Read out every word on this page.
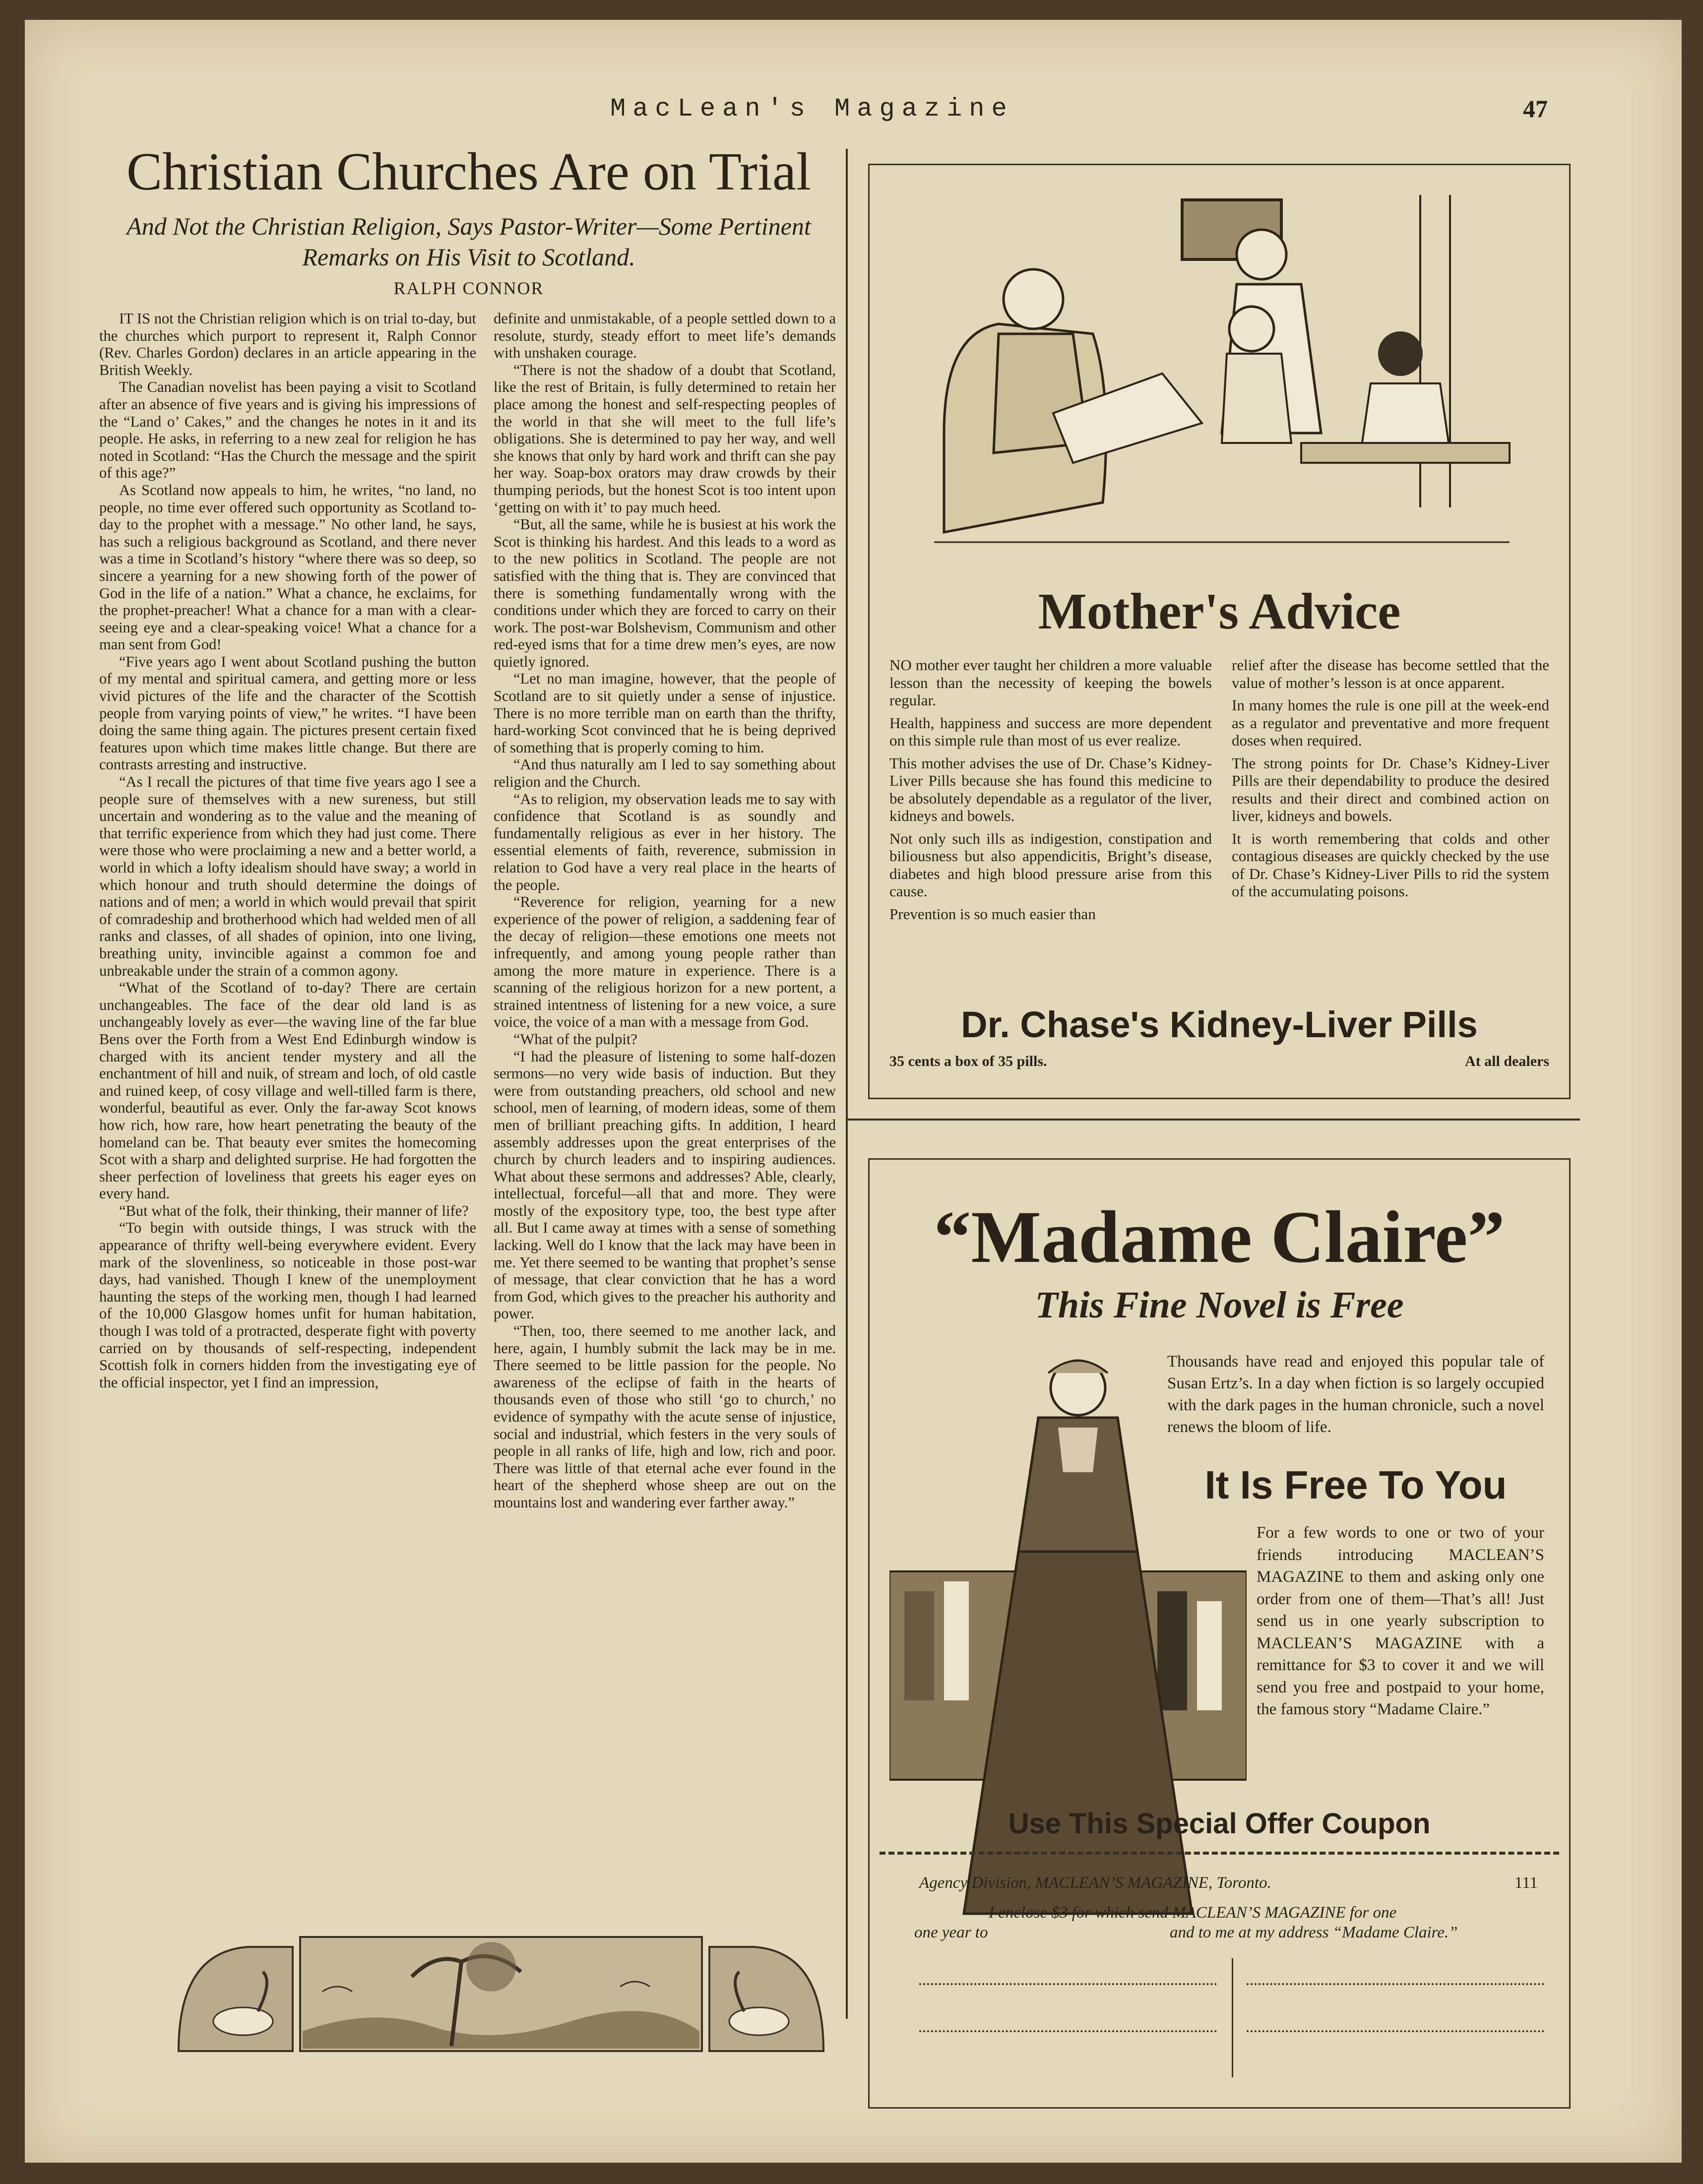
MacLean's Magazine	47
Christian Churches Are on Trial
And Not the Christian Religion, Says Pastor-Writer—Some Pertinent Remarks on His Visit to Scotland.
RALPH CONNOR

IT IS not the Christian religion which is on trial to-day, but the churches which purport to represent it, Ralph Connor (Rev. Charles Gordon) declares in an article appearing in the British Weekly.

The Canadian novelist has been paying a visit to Scotland after an absence of five years and is giving his impressions of the “Land o’ Cakes,” and the changes he notes in it and its people. He asks, in referring to a new zeal for religion he has noted in Scotland: “Has the Church the message and the spirit of this age?”

As Scotland now appeals to him, he writes, “no land, no people, no time ever offered such opportunity as Scotland to-day to the prophet with a message.” No other land, he says, has such a religious background as Scotland, and there never was a time in Scotland’s history “where there was so deep, so sincere a yearning for a new showing forth of the power of God in the life of a nation.” What a chance, he exclaims, for the prophet-preacher! What a chance for a man with a clear-seeing eye and a clear-speaking voice! What a chance for a man sent from God!

“Five years ago I went about Scotland pushing the button of my mental and spiritual camera, and getting more or less vivid pictures of the life and the character of the Scottish people from varying points of view,” he writes. “I have been doing the same thing again. The pictures present certain fixed features upon which time makes little change. But there are contrasts arresting and instructive.

“As I recall the pictures of that time five years ago I see a people sure of themselves with a new sureness, but still uncertain and wondering as to the value and the meaning of that terrific experience from which they had just come. There were those who were proclaiming a new and a better world, a world in which a lofty idealism should have sway; a world in which honour and truth should determine the doings of nations and of men; a world in which would prevail that spirit of comradeship and brotherhood which had welded men of all ranks and classes, of all shades of opinion, into one living, breathing unity, invincible against a common foe and unbreakable under the strain of a common agony.

“What of the Scotland of to-day? There are certain unchangeables. The face of the dear old land is as unchangeably lovely as ever—the waving line of the far blue Bens over the Forth from a West End Edinburgh window is charged with its ancient tender mystery and all the enchantment of hill and nuik, of stream and loch, of old castle and ruined keep, of cosy village and well-tilled farm is there, wonderful, beautiful as ever. Only the far-away Scot knows how rich, how rare, how heart penetrating the beauty of the homeland can be. That beauty ever smites the homecoming Scot with a sharp and delighted surprise. He had forgotten the sheer perfection of loveliness that greets his eager eyes on every hand.

“But what of the folk, their thinking, their manner of life?

“To begin with outside things, I was struck with the appearance of thrifty well-being everywhere evident. Every mark of the slovenliness, so noticeable in those post-war days, had vanished. Though I knew of the unemployment haunting the steps of the working men, though I had learned of the 10,000 Glasgow homes unfit for human habitation, though I was told of a protracted, desperate fight with poverty carried on by thousands of self-respecting, independent Scottish folk in corners hidden from the investigating eye of the official inspector, yet I find an impression,

definite and unmistakable, of a people settled down to a resolute, sturdy, steady effort to meet life’s demands with unshaken courage.

“There is not the shadow of a doubt that Scotland, like the rest of Britain, is fully determined to retain her place among the honest and self-respecting peoples of the world in that she will meet to the full life’s obligations. She is determined to pay her way, and well she knows that only by hard work and thrift can she pay her way. Soap-box orators may draw crowds by their thumping periods, but the honest Scot is too intent upon ‘getting on with it’ to pay much heed.

“But, all the same, while he is busiest at his work the Scot is thinking his hardest. And this leads to a word as to the new politics in Scotland. The people are not satisfied with the thing that is. They are convinced that there is something fundamentally wrong with the conditions under which they are forced to carry on their work. The post-war Bolshevism, Communism and other red-eyed isms that for a time drew men’s eyes, are now quietly ignored.

“Let no man imagine, however, that the people of Scotland are to sit quietly under a sense of injustice. There is no more terrible man on earth than the thrifty, hard-working Scot convinced that he is being deprived of something that is properly coming to him.

“And thus naturally am I led to say something about religion and the Church.

“As to religion, my observation leads me to say with confidence that Scotland is as soundly and fundamentally religious as ever in her history. The essential elements of faith, reverence, submission in relation to God have a very real place in the hearts of the people.

“Reverence for religion, yearning for a new experience of the power of religion, a saddening fear of the decay of religion—these emotions one meets not infrequently, and among young people rather than among the more mature in experience. There is a scanning of the religious horizon for a new portent, a strained intentness of listening for a new voice, a sure voice, the voice of a man with a message from God.

“What of the pulpit?

“I had the pleasure of listening to some half-dozen sermons—no very wide basis of induction. But they were from outstanding preachers, old school and new school, men of learning, of modern ideas, some of them men of brilliant preaching gifts. In addition, I heard assembly addresses upon the great enterprises of the church by church leaders and to inspiring audiences. What about these sermons and addresses? Able, clearly, intellectual, forceful—all that and more. They were mostly of the expository type, too, the best type after all. But I came away at times with a sense of something lacking. Well do I know that the lack may have been in me. Yet there seemed to be wanting that prophet’s sense of message, that clear conviction that he has a word from God, which gives to the preacher his authority and power.

“Then, too, there seemed to me another lack, and here, again, I humbly submit the lack may be in me. There seemed to be little passion for the people. No awareness of the eclipse of faith in the hearts of thousands even of those who still ‘go to church,’ no evidence of sympathy with the acute sense of injustice, social and industrial, which festers in the very souls of people in all ranks of life, high and low, rich and poor. There was little of that eternal ache ever found in the heart of the shepherd whose sheep are out on the mountains lost and wandering ever farther away.”

Mother's Advice

NO mother ever taught her children a more valuable lesson than the necessity of keeping the bowels regular.

Health, happiness and success are more dependent on this simple rule than most of us ever realize.

This mother advises the use of Dr. Chase’s Kidney-Liver Pills because she has found this medicine to be absolutely dependable as a regulator of the liver, kidneys and bowels.

Not only such ills as indigestion, constipation and biliousness but also appendicitis, Bright’s disease, diabetes and high blood pressure arise from this cause.

Prevention is so much easier than

relief after the disease has become settled that the value of mother’s lesson is at once apparent.

In many homes the rule is one pill at the week-end as a regulator and preventative and more frequent doses when required.

The strong points for Dr. Chase’s Kidney-Liver Pills are their dependability to produce the desired results and their direct and combined action on liver, kidneys and bowels.

It is worth remembering that colds and other contagious diseases are quickly checked by the use of Dr. Chase’s Kidney-Liver Pills to rid the system of the accumulating poisons.

Dr. Chase's Kidney-Liver Pills
35 cents a box of 35 pills.	At all dealers
“Madame Claire”
This Fine Novel is Free
Thousands have read and enjoyed this popular tale of Susan Ertz’s. In a day when fiction is so largely occupied with the dark pages in the human chronicle, such a novel renews the bloom of life.
It Is Free To You
For a few words to one or two of your friends introducing MACLEAN’S MAGAZINE to them and asking only one order from one of them—That’s all! Just send us in one yearly subscription to MACLEAN’S MAGAZINE with a remittance for $3 to cover it and we will send you free and postpaid to your home, the famous story “Madame Claire.”
Use This Special Offer Coupon
Agency Division, MACLEAN’S MAGAZINE, Toronto.	111
I enclose $3 for which send MACLEAN’S MAGAZINE for one
one year to	and to me at my address “Madame Claire.”
